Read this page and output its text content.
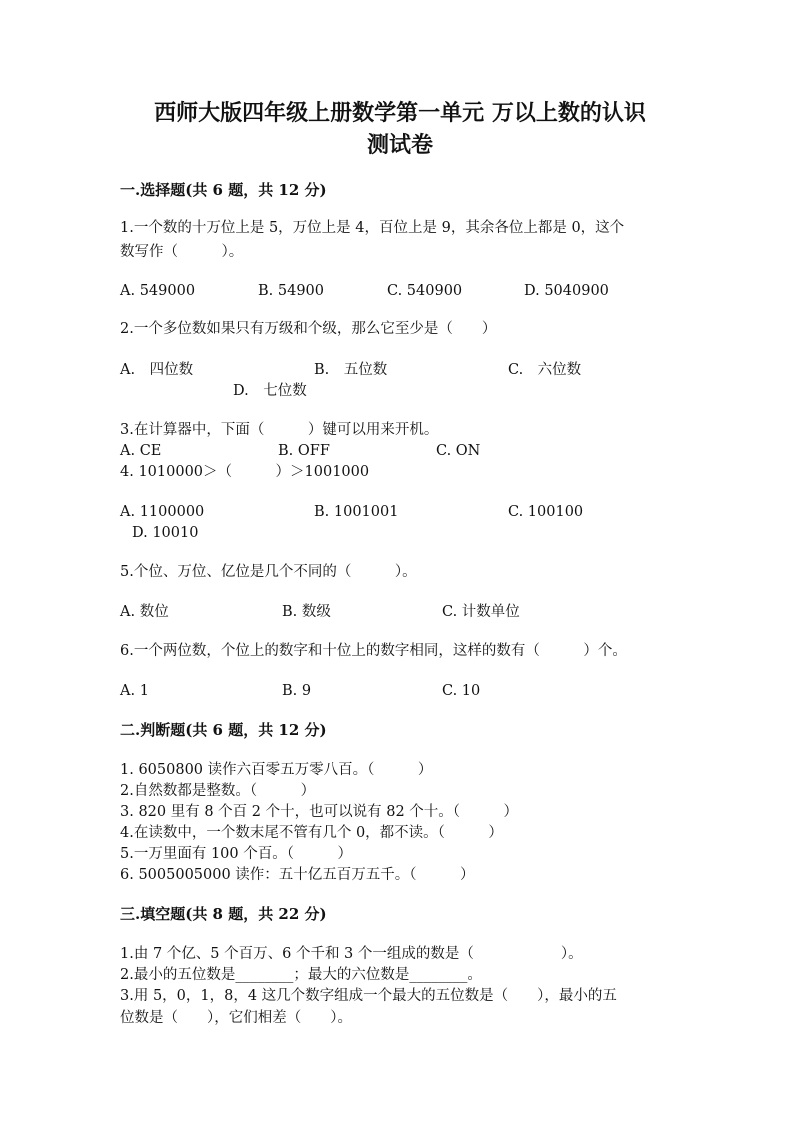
西师大版四年级上册数学第一单元 万以上数的认识
测试卷
一.选择题(共 6 题，共 12 分)
1.一个数的十万位上是 5，万位上是 4，百位上是 9，其余各位上都是 0，这个
数写作（　　　）。
A. 549000	B. 54900	C. 540900	D. 5040900
2.一个多位数如果只有万级和个级，那么它至少是（　　）
A.　四位数	B.　五位数	C.　六位数
D.　七位数
3.在计算器中，下面（　　　）键可以用来开机。
A. CE	B. OFF	C. ON
4. 1010000＞（　　　）＞1001000
A. 1100000	B. 1001001	C. 100100
D. 10010
5.个位、万位、亿位是几个不同的（　　　）。
A. 数位	B. 数级	C. 计数单位
6.一个两位数，个位上的数字和十位上的数字相同，这样的数有（　　　）个。
A. 1	B. 9	C. 10
二.判断题(共 6 题，共 12 分)
1. 6050800 读作六百零五万零八百。（　　　）
2.自然数都是整数。（　　　）
3. 820 里有 8 个百 2 个十，也可以说有 82 个十。（　　　）
4.在读数中，一个数末尾不管有几个 0，都不读。（　　　）
5.一万里面有 100 个百。（　　　）
6. 5005005000 读作：五十亿五百万五千。（　　　）
三.填空题(共 8 题，共 22 分)
1.由 7 个亿、5 个百万、6 个千和 3 个一组成的数是（　　　　　　）。
2.最小的五位数是________；最大的六位数是________。
3.用 5，0，1，8，4 这几个数字组成一个最大的五位数是（　　），最小的五
位数是（　　），它们相差（　　）。
